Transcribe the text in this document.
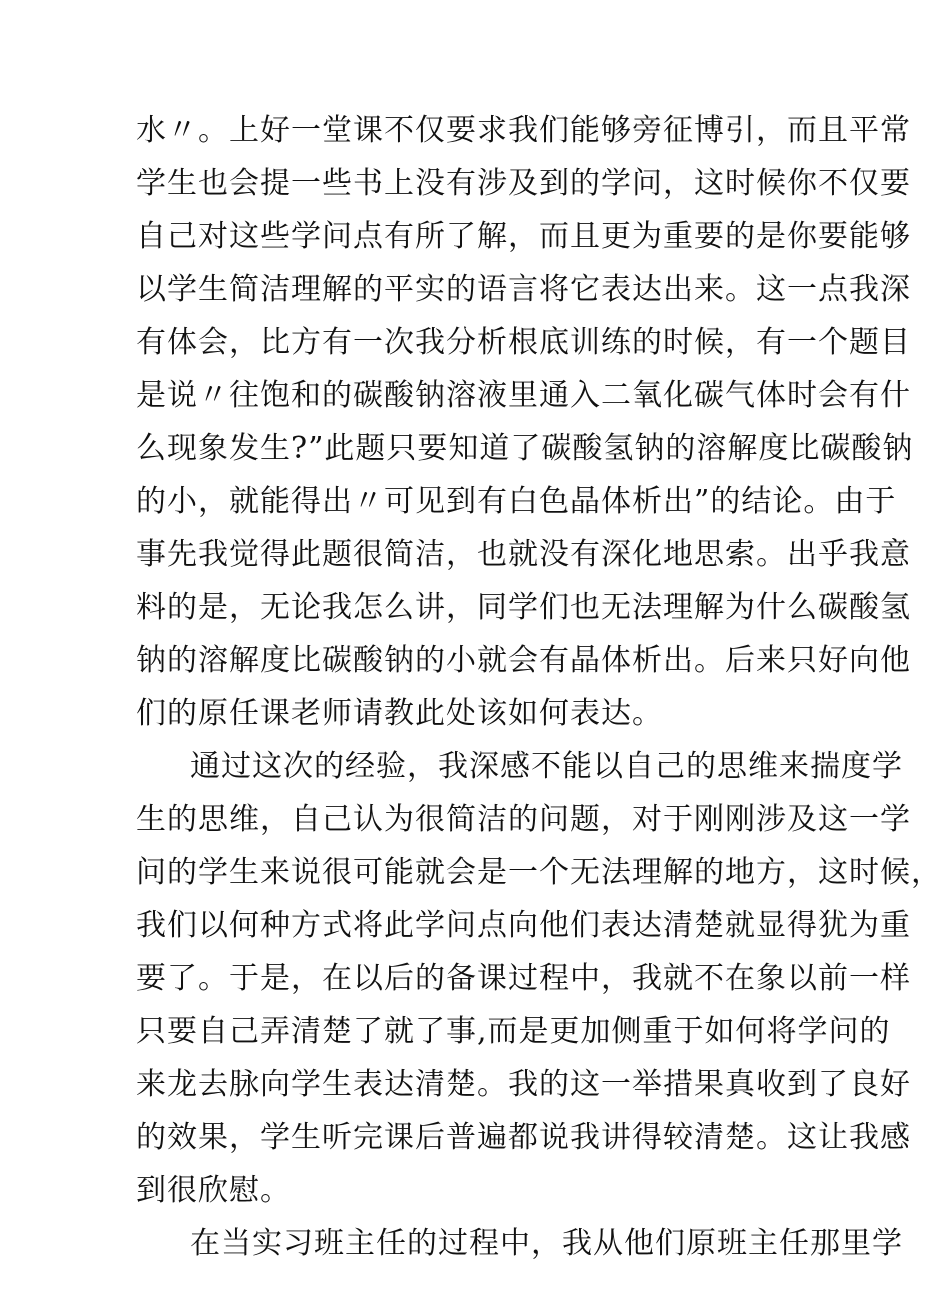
水〃。上好一堂课不仅要求我们能够旁征博引，而且平常
学生也会提一些书上没有涉及到的学问，这时候你不仅要
自己对这些学问点有所了解，而且更为重要的是你要能够
以学生简洁理解的平实的语言将它表达出来。这一点我深
有体会，比方有一次我分析根底训练的时候，有一个题目
是说〃往饱和的碳酸钠溶液里通入二氧化碳气体时会有什
么现象发生?”此题只要知道了碳酸氢钠的溶解度比碳酸钠
的小，就能得出〃可见到有白色晶体析出”的结论。由于
事先我觉得此题很简洁，也就没有深化地思索。出乎我意
料的是，无论我怎么讲，同学们也无法理解为什么碳酸氢
钠的溶解度比碳酸钠的小就会有晶体析出。后来只好向他
们的原任课老师请教此处该如何表达。
通过这次的经验，我深感不能以自己的思维来揣度学
生的思维，自己认为很简洁的问题，对于刚刚涉及这一学
问的学生来说很可能就会是一个无法理解的地方，这时候，
我们以何种方式将此学问点向他们表达清楚就显得犹为重
要了。于是，在以后的备课过程中，我就不在象以前一样
只要自己弄清楚了就了事,而是更加侧重于如何将学问的
来龙去脉向学生表达清楚。我的这一举措果真收到了良好
的效果，学生听完课后普遍都说我讲得较清楚。这让我感
到很欣慰。
在当实习班主任的过程中，我从他们原班主任那里学
